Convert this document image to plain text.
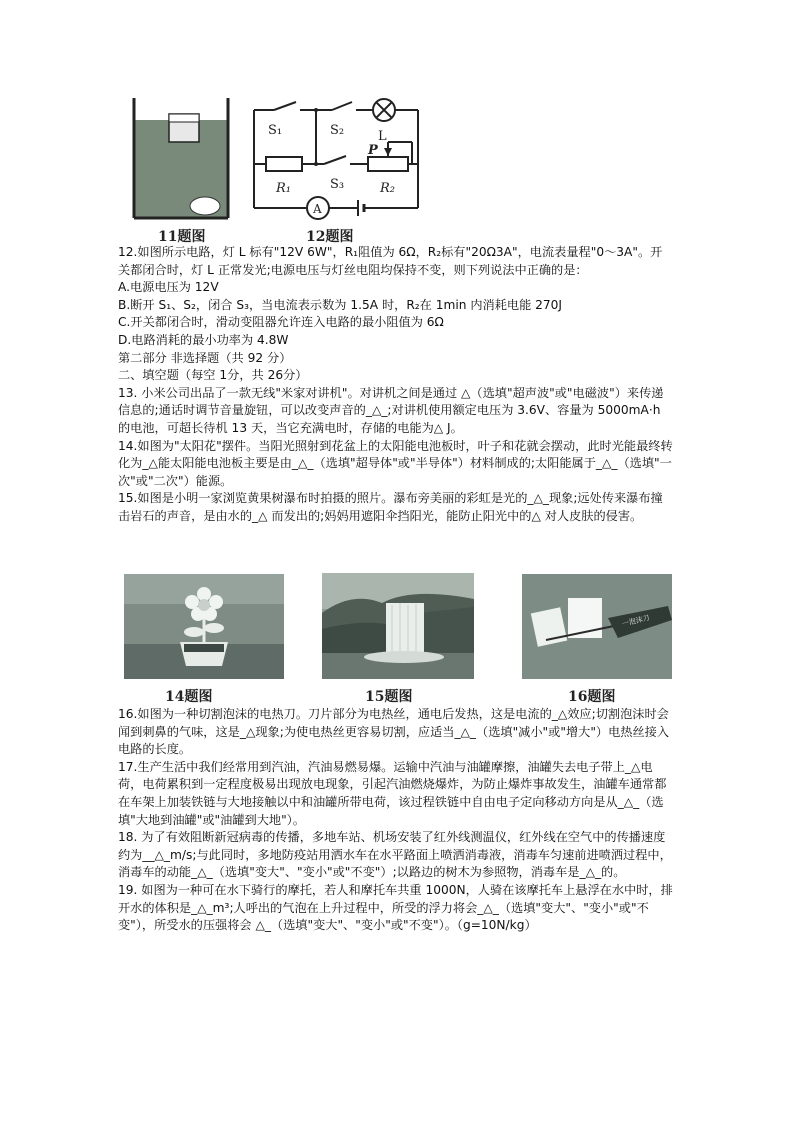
11题图
S₁	S₂	L
R₁	S₃	R₂
P
A
12题图

12.如图所示电路，灯 L 标有"12V 6W"，R₁阻值为 6Ω，R₂标有"20Ω3A"，电流表量程"0～3A"。开关都闭合时，灯 L 正常发光;电源电压与灯丝电阻均保持不变，则下列说法中正确的是：

A.电源电压为 12V

B.断开 S₁、S₂，闭合 S₃，当电流表示数为 1.5A 时，R₂在 1min 内消耗电能 270J

C.开关都闭合时，滑动变阻器允许连入电路的最小阻值为 6Ω

D.电路消耗的最小功率为 4.8W

第二部分 非选择题（共 92 分）

二、填空题（每空 1分，共 26分）

13. 小米公司出品了一款无线"米家对讲机"。对讲机之间是通过 △（选填"超声波"或"电磁波"）来传递信息的;通话时调节音量旋钮，可以改变声音的_△_;对讲机使用额定电压为 3.6V、容量为 5000mA·h 的电池，可超长待机 13 天，当它充满电时，存储的电能为△ J。

14.如图为"太阳花"摆件。当阳光照射到花盆上的太阳能电池板时，叶子和花就会摆动，此时光能最终转化为_△能太阳能电池板主要是由_△_（选填"超导体"或"半导体"）材料制成的;太阳能属于_△_（选填"一次"或"二次"）能源。

15.如图是小明一家浏览黄果树瀑布时拍摄的照片。瀑布旁美丽的彩虹是光的_△_现象;远处传来瀑布撞击岩石的声音，是由水的_△ 而发出的;妈妈用遮阳伞挡阳光，能防止阳光中的△ 对人皮肤的侵害。

14题图	15题图
一泡沫刀
16题图

16.如图为一种切割泡沫的电热刀。刀片部分为电热丝，通电后发热，这是电流的_△效应;切割泡沫时会闻到刺鼻的气味，这是_△现象;为使电热丝更容易切割，应适当_△_（选填"减小"或"增大"）电热丝接入电路的长度。

17.生产生活中我们经常用到汽油，汽油易燃易爆。运输中汽油与油罐摩擦，油罐失去电子带上_△电荷，电荷累积到一定程度极易出现放电现象，引起汽油燃烧爆炸，为防止爆炸事故发生，油罐车通常都在车架上加装铁链与大地接触以中和油罐所带电荷，该过程铁链中自由电子定向移动方向是从_△_（选填"大地到油罐"或"油罐到大地"）。

18. 为了有效阻断新冠病毒的传播，多地车站、机场安装了红外线测温仪，红外线在空气中的传播速度约为__△_m/s;与此同时，多地防疫站用洒水车在水平路面上喷洒消毒液，消毒车匀速前进喷洒过程中，消毒车的动能_△_（选填"变大"、"变小"或"不变"）;以路边的树木为参照物，消毒车是_△_的。

19. 如图为一种可在水下骑行的摩托，若人和摩托车共重 1000N，人骑在该摩托车上悬浮在水中时，排开水的体积是_△_m³;人呼出的气泡在上升过程中，所受的浮力将会_△_（选填"变大"、"变小"或"不变"），所受水的压强将会 △_（选填"变大"、"变小"或"不变"）。（g=10N/kg）
